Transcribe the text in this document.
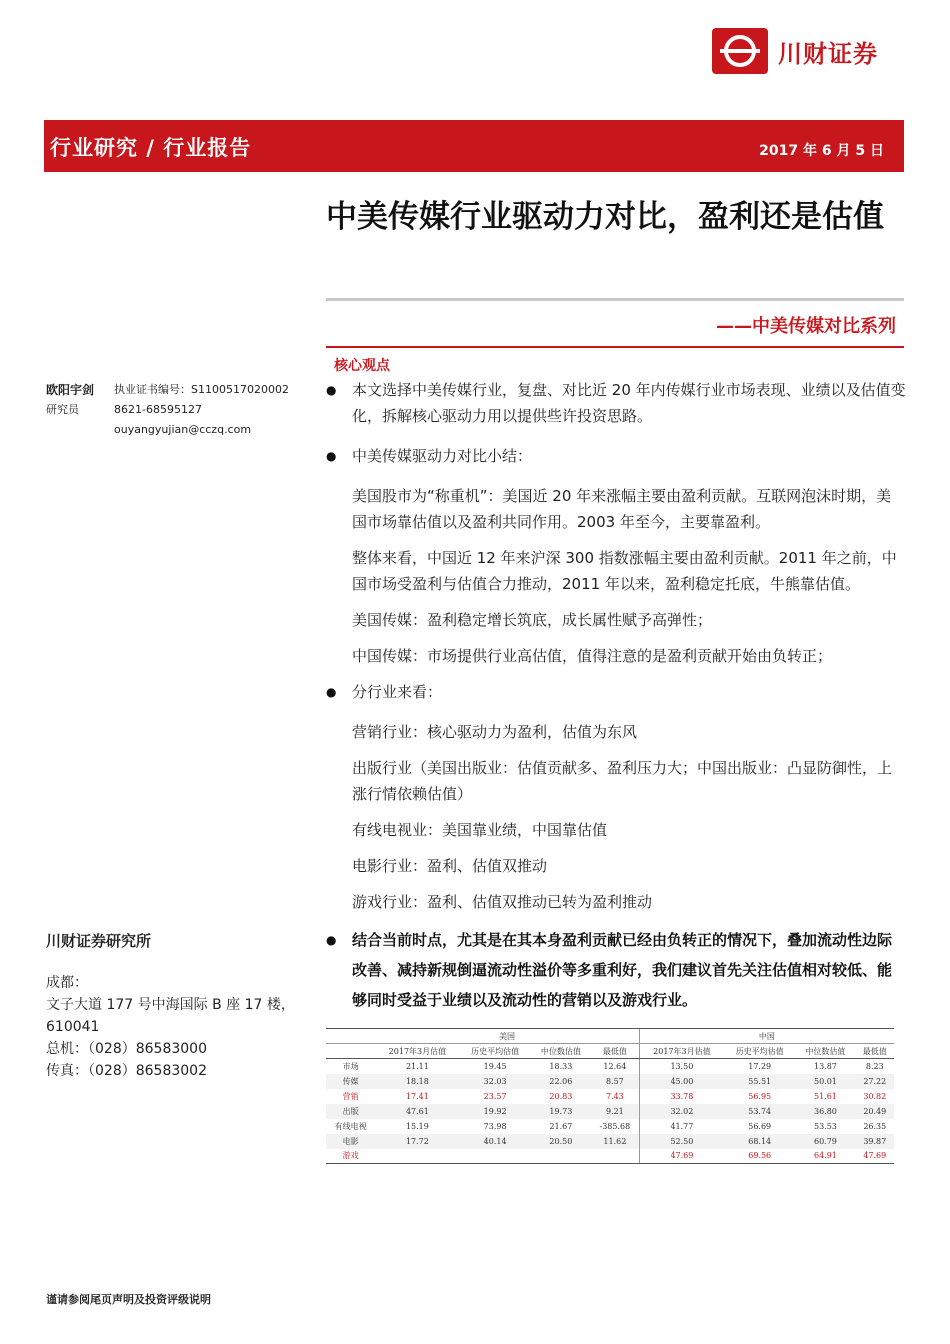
川财证券
行业研究 / 行业报告	2017 年 6 月 5 日
中美传媒行业驱动力对比，盈利还是估值
——中美传媒对比系列
核心观点
欧阳宇剑	执业证书编号：S1100517020002
研究员	8621-68595127
ouyangyujian@cczq.com
● 本文选择中美传媒行业，复盘、对比近 20 年内传媒行业市场表现、业绩以及估值变化，拆解核心驱动力用以提供些许投资思路。
● 中美传媒驱动力对比小结：
美国股市为“称重机”：美国近 20 年来涨幅主要由盈利贡献。互联网泡沫时期，美国市场靠估值以及盈利共同作用。2003 年至今，主要靠盈利。
整体来看，中国近 12 年来沪深 300 指数涨幅主要由盈利贡献。2011 年之前，中国市场受盈利与估值合力推动，2011 年以来，盈利稳定托底，牛熊靠估值。
美国传媒：盈利稳定增长筑底，成长属性赋予高弹性；
中国传媒：市场提供行业高估值，值得注意的是盈利贡献开始由负转正；
● 分行业来看：
营销行业：核心驱动力为盈利，估值为东风
出版行业（美国出版业：估值贡献多、盈利压力大；中国出版业：凸显防御性，上涨行情依赖估值）
有线电视业：美国靠业绩，中国靠估值
电影行业：盈利、估值双推动
游戏行业：盈利、估值双推动已转为盈利推动
● 结合当前时点，尤其是在其本身盈利贡献已经由负转正的情况下，叠加流动性边际改善、减持新规倒逼流动性溢价等多重利好，我们建议首先关注估值相对较低、能够同时受益于业绩以及流动性的营销以及游戏行业。
川财证券研究所
成都：
文子大道 177 号中海国际 B 座 17 楼，610041
总机：（028）86583000
传真：（028）86583002
	美国				中国			
	2017年3月估值	历史平均估值	中位数估值	最低值	2017年3月估值	历史平均估值	中位数估值	最低值
市场	21.11	19.45	18.33	12.64	13.50	17.29	13.87	8.23
传媒	18.18	32.03	22.06	8.57	45.00	55.51	50.01	27.22
营销	17.41	23.57	20.83	7.43	33.78	56.95	51.61	30.82
出版	47.61	19.92	19.73	9.21	32.02	53.74	36.80	20.49
有线电视	15.19	73.98	21.67	-385.68	41.77	56.69	53.53	26.35
电影	17.72	40.14	20.50	11.62	52.50	68.14	60.79	39.87
游戏					47.69	69.56	64.91	47.69
谨请参阅尾页声明及投资评级说明
